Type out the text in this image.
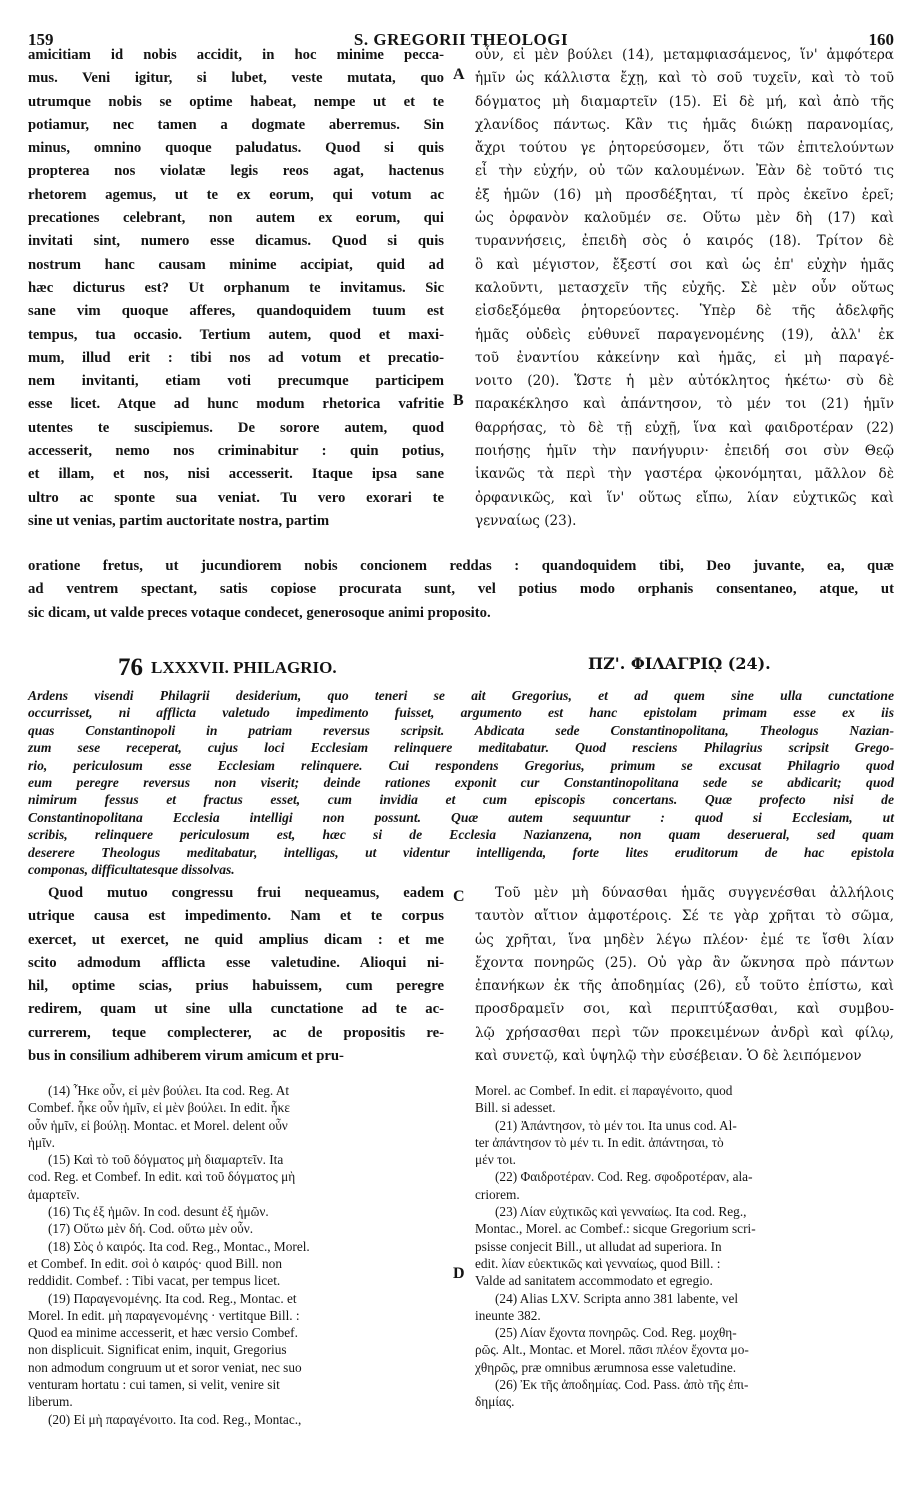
159	S. GREGORII THEOLOGI	160
amicitiam id nobis accidit, in hoc minime pecca-
mus. Veni igitur, si lubet, veste mutata, quo
utrumque nobis se optime habeat, nempe ut et te
potiamur, nec tamen a dogmate aberremus. Sin
minus, omnino quoque paludatus. Quod si quis
propterea nos violatæ legis reos agat, hactenus
rhetorem agemus, ut te ex eorum, qui votum ac
precationes celebrant, non autem ex eorum, qui
invitati sint, numero esse dicamus. Quod si quis
nostrum hanc causam minime accipiat, quid ad
hæc dicturus est? Ut orphanum te invitamus. Sic
sane vim quoque afferes, quandoquidem tuum est
tempus, tua occasio. Tertium autem, quod et maxi-
mum, illud erit : tibi nos ad votum et precatio-
nem invitanti, etiam voti precumque participem
esse licet. Atque ad hunc modum rhetorica vafritie
utentes te suscipiemus. De sorore autem, quod
accesserit, nemo nos criminabitur : quin potius,
et illam, et nos, nisi accesserit. Itaque ipsa sane
ultro ac sponte sua veniat. Tu vero exorari te
sine ut venias, partim auctoritate nostra, partim
οὖν, εἰ μὲν βούλει (14), μεταμφιασάμενος, ἵν' ἀμφότερα
ἡμῖν ὡς κάλλιστα ἔχῃ, καὶ τὸ σοῦ τυχεῖν, καὶ τὸ τοῦ
δόγματος μὴ διαμαρτεῖν (15). Εἰ δὲ μή, καὶ ἀπὸ τῆς
χλανίδος πάντως. Κἂν τις ἡμᾶς διώκῃ παρανομίας,
ἄχρι τούτου γε ῥητορεύσομεν, ὅτι τῶν ἐπιτελούντων
εἶ τὴν εὐχήν, οὐ τῶν καλουμένων. Ἐὰν δὲ τοῦτό τις
ἐξ ἡμῶν (16) μὴ προσδέξηται, τί πρὸς ἐκεῖνο ἐρεῖ;
ὡς ὀρφανὸν καλοῦμέν σε. Οὕτω μὲν δὴ (17) καὶ
τυραννήσεις, ἐπειδὴ σὸς ὁ καιρός (18). Τρίτον δὲ
ὃ καὶ μέγιστον, ἔξεστί σοι καὶ ὡς ἐπ' εὐχὴν ἡμᾶς
καλοῦντι, μετασχεῖν τῆς εὐχῆς. Σὲ μὲν οὖν οὕτως
εἰσδεξόμεθα ῥητορεύοντες. Ὑπὲρ δὲ τῆς ἀδελφῆς
ἡμᾶς οὐδεὶς εὐθυνεῖ παραγενομένης (19), ἀλλ' ἐκ
τοῦ ἐναντίου κἀκείνην καὶ ἡμᾶς, εἰ μὴ παραγέ-
νοιτο (20). Ὥστε ἡ μὲν αὐτόκλητος ἡκέτω· σὺ δὲ
παρακέκλησο καὶ ἀπάντησον, τὸ μέν τοι (21) ἡμῖν
θαρρήσας, τὸ δὲ τῇ εὐχῇ, ἵνα καὶ φαιδροτέραν (22)
ποιήσῃς ἡμῖν τὴν πανήγυριν· ἐπειδή σοι σὺν Θεῷ
ἱκανῶς τὰ περὶ τὴν γαστέρα ᾠκονόμηται, μᾶλλον δὲ
ὀρφανικῶς, καὶ ἵν' οὕτως εἴπω, λίαν εὐχτικῶς καὶ
γενναίως (23).
A
B
oratione fretus, ut jucundiorem nobis concionem reddas : quandoquidem tibi, Deo juvante, ea, quæ
ad ventrem spectant, satis copiose procurata sunt, vel potius modo orphanis consentaneo, atque, ut
sic dicam, ut valde preces votaque condecet, generosoque animi proposito.
76 LXXXVII. PHILAGRIO.	ΠΖ'. ΦΙΛΑΓΡΙῼ (24).
Ardens visendi Philagrii desiderium, quo teneri se ait Gregorius, et ad quem sine ulla cunctatione
occurrisset, ni afflicta valetudo impedimento fuisset, argumento est hanc epistolam primam esse ex iis
quas Constantinopoli in patriam reversus scripsit. Abdicata sede Constantinopolitana, Theologus Nazian-
zum sese receperat, cujus loci Ecclesiam relinquere meditabatur. Quod resciens Philagrius scripsit Grego-
rio, periculosum esse Ecclesiam relinquere. Cui respondens Gregorius, primum se excusat Philagrio quod
eum peregre reversus non viserit; deinde rationes exponit cur Constantinopolitana sede se abdicarit; quod
nimirum fessus et fractus esset, cum invidia et cum episcopis concertans. Quæ profecto nisi de
Constantinopolitana Ecclesia intelligi non possunt. Quæ autem sequuntur : quod si Ecclesiam, ut
scribis, relinquere periculosum est, hæc si de Ecclesia Nazianzena, non quam deserueral, sed quam
deserere Theologus meditabatur, intelligas, ut videntur intelligenda, forte lites eruditorum de hac epistola
componas, difficultatesque dissolvas.
Quod mutuo congressu frui nequeamus, eadem
utrique causa est impedimento. Nam et te corpus
exercet, ut exercet, ne quid amplius dicam : et me
scito admodum afflicta esse valetudine. Alioqui ni-
hil, optime scias, prius habuissem, cum peregre
redirem, quam ut sine ulla cunctatione ad te ac-
currerem, teque complecterer, ac de propositis re-
bus in consilium adhiberem virum amicum et pru-
Τοῦ μὲν μὴ δύνασθαι ἡμᾶς συγγενέσθαι ἀλλήλοις
ταυτὸν αἴτιον ἀμφοτέροις. Σέ τε γὰρ χρῆται τὸ σῶμα,
ὡς χρῆται, ἵνα μηδὲν λέγω πλέον· ἐμέ τε ἴσθι λίαν
ἔχοντα πονηρῶς (25). Οὐ γὰρ ἂν ὤκνησα πρὸ πάντων
ἐπανήκων ἐκ τῆς ἀποδημίας (26), εὖ τοῦτο ἐπίστω, καὶ
προσδραμεῖν σοι, καὶ περιπτύξασθαι, καὶ συμβου-
λῷ χρήσασθαι περὶ τῶν προκειμένων ἀνδρὶ καὶ φίλῳ,
καὶ συνετῷ, καὶ ὑψηλῷ τὴν εὐσέβειαν. Ὁ δὲ λειπόμενον
C
(14) Ἧκε οὖν, εἰ μὲν βούλει. Ita cod. Reg. At
Combef. ἧκε οὖν ἡμῖν, εἰ μὲν βούλει. In edit. ἧκε
οὖν ἡμῖν, εἰ βούλῃ. Montac. et Morel. delent οὖν
ἡμῖν.
(15) Καὶ τὸ τοῦ δόγματος μὴ διαμαρτεῖν. Ita
cod. Reg. et Combef. In edit. καὶ τοῦ δόγματος μὴ
ἁμαρτεῖν.
(16) Τις ἐξ ἡμῶν. In cod. desunt ἐξ ἡμῶν.
(17) Οὕτω μὲν δή. Cod. οὕτω μὲν οὖν.
(18) Σὸς ὁ καιρός. Ita cod. Reg., Montac., Morel.
et Combef. In edit. σοὶ ὁ καιρός· quod Bill. non
reddidit. Combef. : Tibi vacat, per tempus licet.
(19) Παραγενομένης. Ita cod. Reg., Montac. et
Morel. In edit. μὴ παραγενομένης · vertitque Bill. :
Quod ea minime accesserit, et hæc versio Combef.
non displicuit. Significat enim, inquit, Gregorius
non admodum congruum ut et soror veniat, nec suo
venturam hortatu : cui tamen, si velit, venire sit
liberum.
(20) Εἰ μὴ παραγένοιτο. Ita cod. Reg., Montac.,
Morel. ac Combef. In edit. εἰ παραγένοιτο, quod
Bill. si adesset.
(21) Ἀπάντησον, τὸ μέν τοι. Ita unus cod. Al-
ter ἀπάντησον τὸ μέν τι. In edit. ἀπάντησαι, τὸ
μέν τοι.
(22) Φαιδροτέραν. Cod. Reg. σφοδροτέραν, ala-
criorem.
(23) Λίαν εὐχτικῶς καὶ γενναίως. Ita cod. Reg.,
Montac., Morel. ac Combef.: sicque Gregorium scri-
psisse conjecit Bill., ut alludat ad superiora. In
edit. λίαν εὐεκτικῶς καὶ γενναίως, quod Bill. :
Valde ad sanitatem accommodato et egregio.
(24) Alias LXV. Scripta anno 381 labente, vel
ineunte 382.
(25) Λίαν ἔχοντα πονηρῶς. Cod. Reg. μοχθη-
ρῶς. Alt., Montac. et Morel. πᾶσι πλέον ἔχοντα μο-
χθηρῶς, præ omnibus ærumnosa esse valetudine.
(26) Ἐκ τῆς ἀποδημίας. Cod. Pass. ἀπὸ τῆς ἐπι-
δημίας.
D
